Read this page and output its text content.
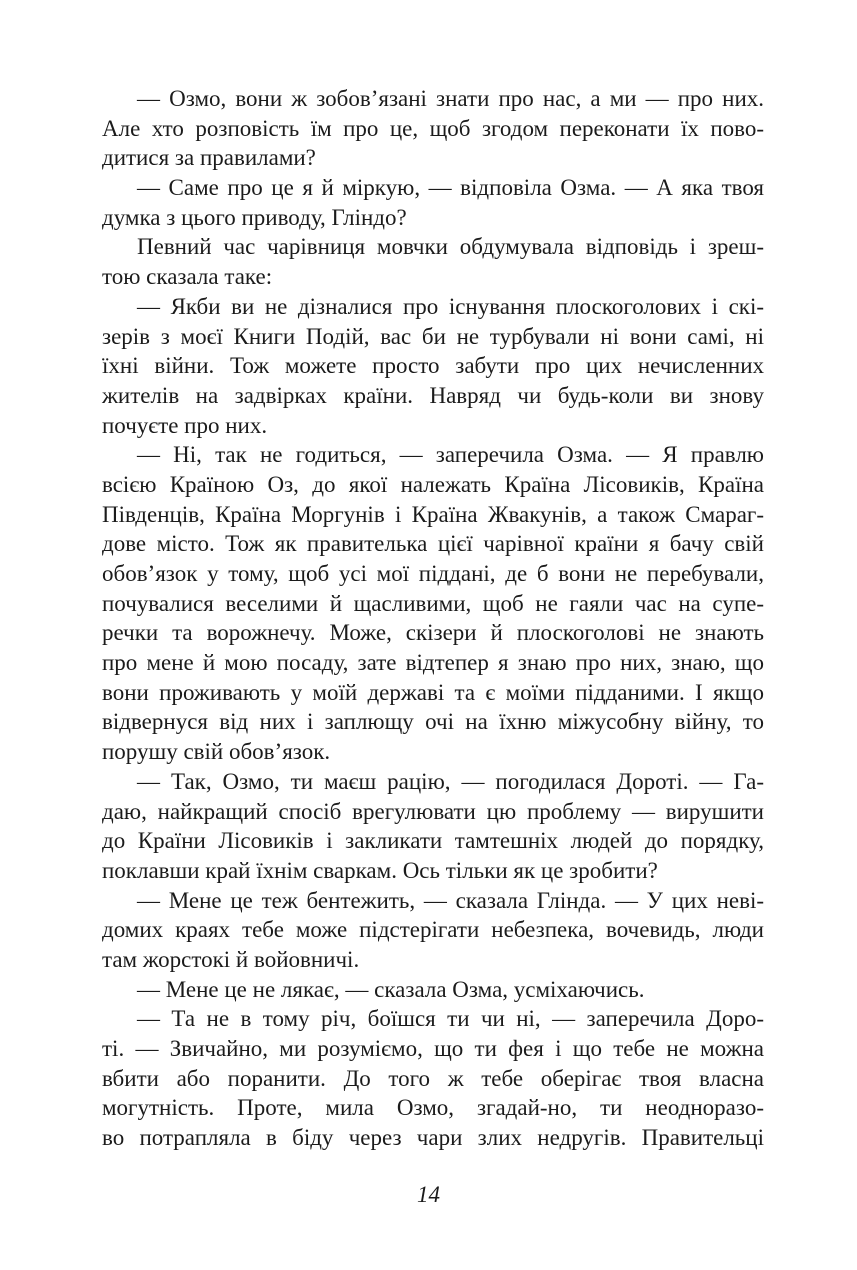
— Озмо, вони ж зобов’язані знати про нас, а ми — про них.
Але хто розповість їм про це, щоб згодом переконати їх пово-
дитися за правилами?
— Саме про це я й міркую, — відповіла Озма. — А яка твоя
думка з цього приводу, Гліндо?
Певний час чарівниця мовчки обдумувала відповідь і зреш-
тою сказала таке:
— Якби ви не дізналися про існування плоскоголових і скі-
зерів з моєї Книги Подій, вас би не турбували ні вони самі, ні
їхні війни. Тож можете просто забути про цих нечисленних
жителів на задвірках країни. Навряд чи будь-коли ви знову
почуєте про них.
— Ні, так не годиться, — заперечила Озма. — Я правлю
всією Країною Оз, до якої належать Країна Лісовиків, Країна
Південців, Країна Моргунів і Країна Жвакунів, а також Смараг-
дове місто. Тож як правителька цієї чарівної країни я бачу свій
обов’язок у тому, щоб усі мої піддані, де б вони не перебували,
почувалися веселими й щасливими, щоб не гаяли час на супе-
речки та ворожнечу. Може, скізери й плоскоголові не знають
про мене й мою посаду, зате відтепер я знаю про них, знаю, що
вони проживають у моїй державі та є моїми підданими. І якщо
відвернуся від них і заплющу очі на їхню міжусобну війну, то
порушу свій обов’язок.
— Так, Озмо, ти маєш рацію, — погодилася Дороті. — Га-
даю, найкращий спосіб врегулювати цю проблему — вирушити
до Країни Лісовиків і закликати тамтешніх людей до порядку,
поклавши край їхнім сваркам. Ось тільки як це зробити?
— Мене це теж бентежить, — сказала Глінда. — У цих неві-
домих краях тебе може підстерігати небезпека, вочевидь, люди
там жорстокі й войовничі.
— Мене це не лякає, — сказала Озма, усміхаючись.
— Та не в тому річ, боїшся ти чи ні, — заперечила Доро-
ті. — Звичайно, ми розуміємо, що ти фея і що тебе не можна
вбити або поранити. До того ж тебе оберігає твоя власна
могутність. Проте, мила Озмо, згадай-но, ти неодноразо-
во потрапляла в біду через чари злих недругів. Правительці
14
